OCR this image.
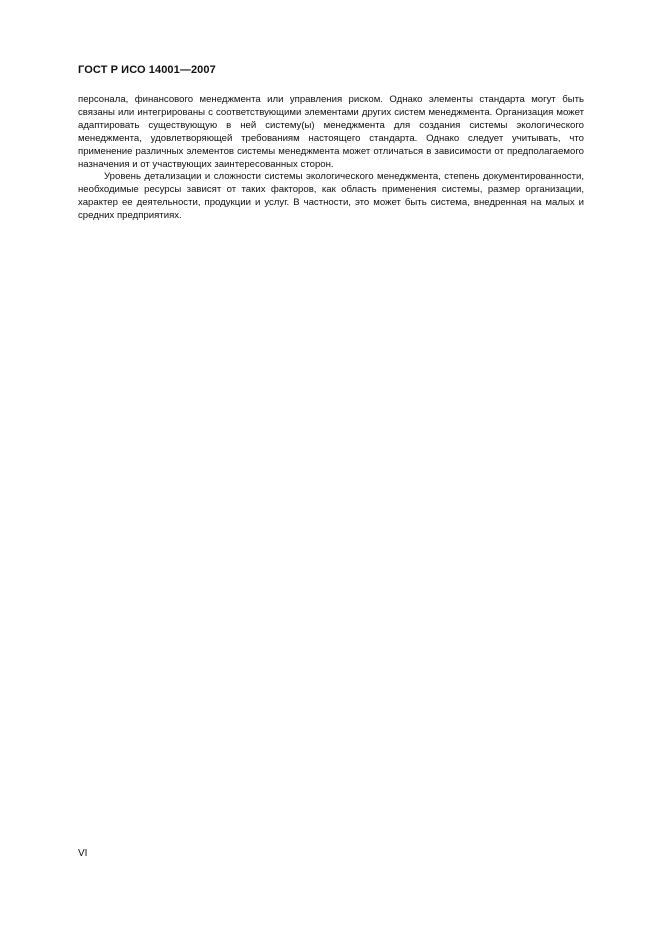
ГОСТ Р ИСО 14001—2007

персонала, финансового менеджмента или управления риском. Однако элементы стандарта могут быть связаны или интегрированы с соответствующими элементами других систем менеджмента. Организация может адаптировать существующую в ней систему(ы) менеджмента для создания системы экологического менеджмента, удовлетворяющей требованиям настоящего стандарта. Однако следует учитывать, что применение различных элементов системы менеджмента может отличаться в зависимости от предполагаемого назначения и от участвующих заинтересованных сторон.

Уровень детализации и сложности системы экологического менеджмента, степень документированности, необходимые ресурсы зависят от таких факторов, как область применения системы, размер организации, характер ее деятельности, продукции и услуг. В частности, это может быть система, внедренная на малых и средних предприятиях.

VI
